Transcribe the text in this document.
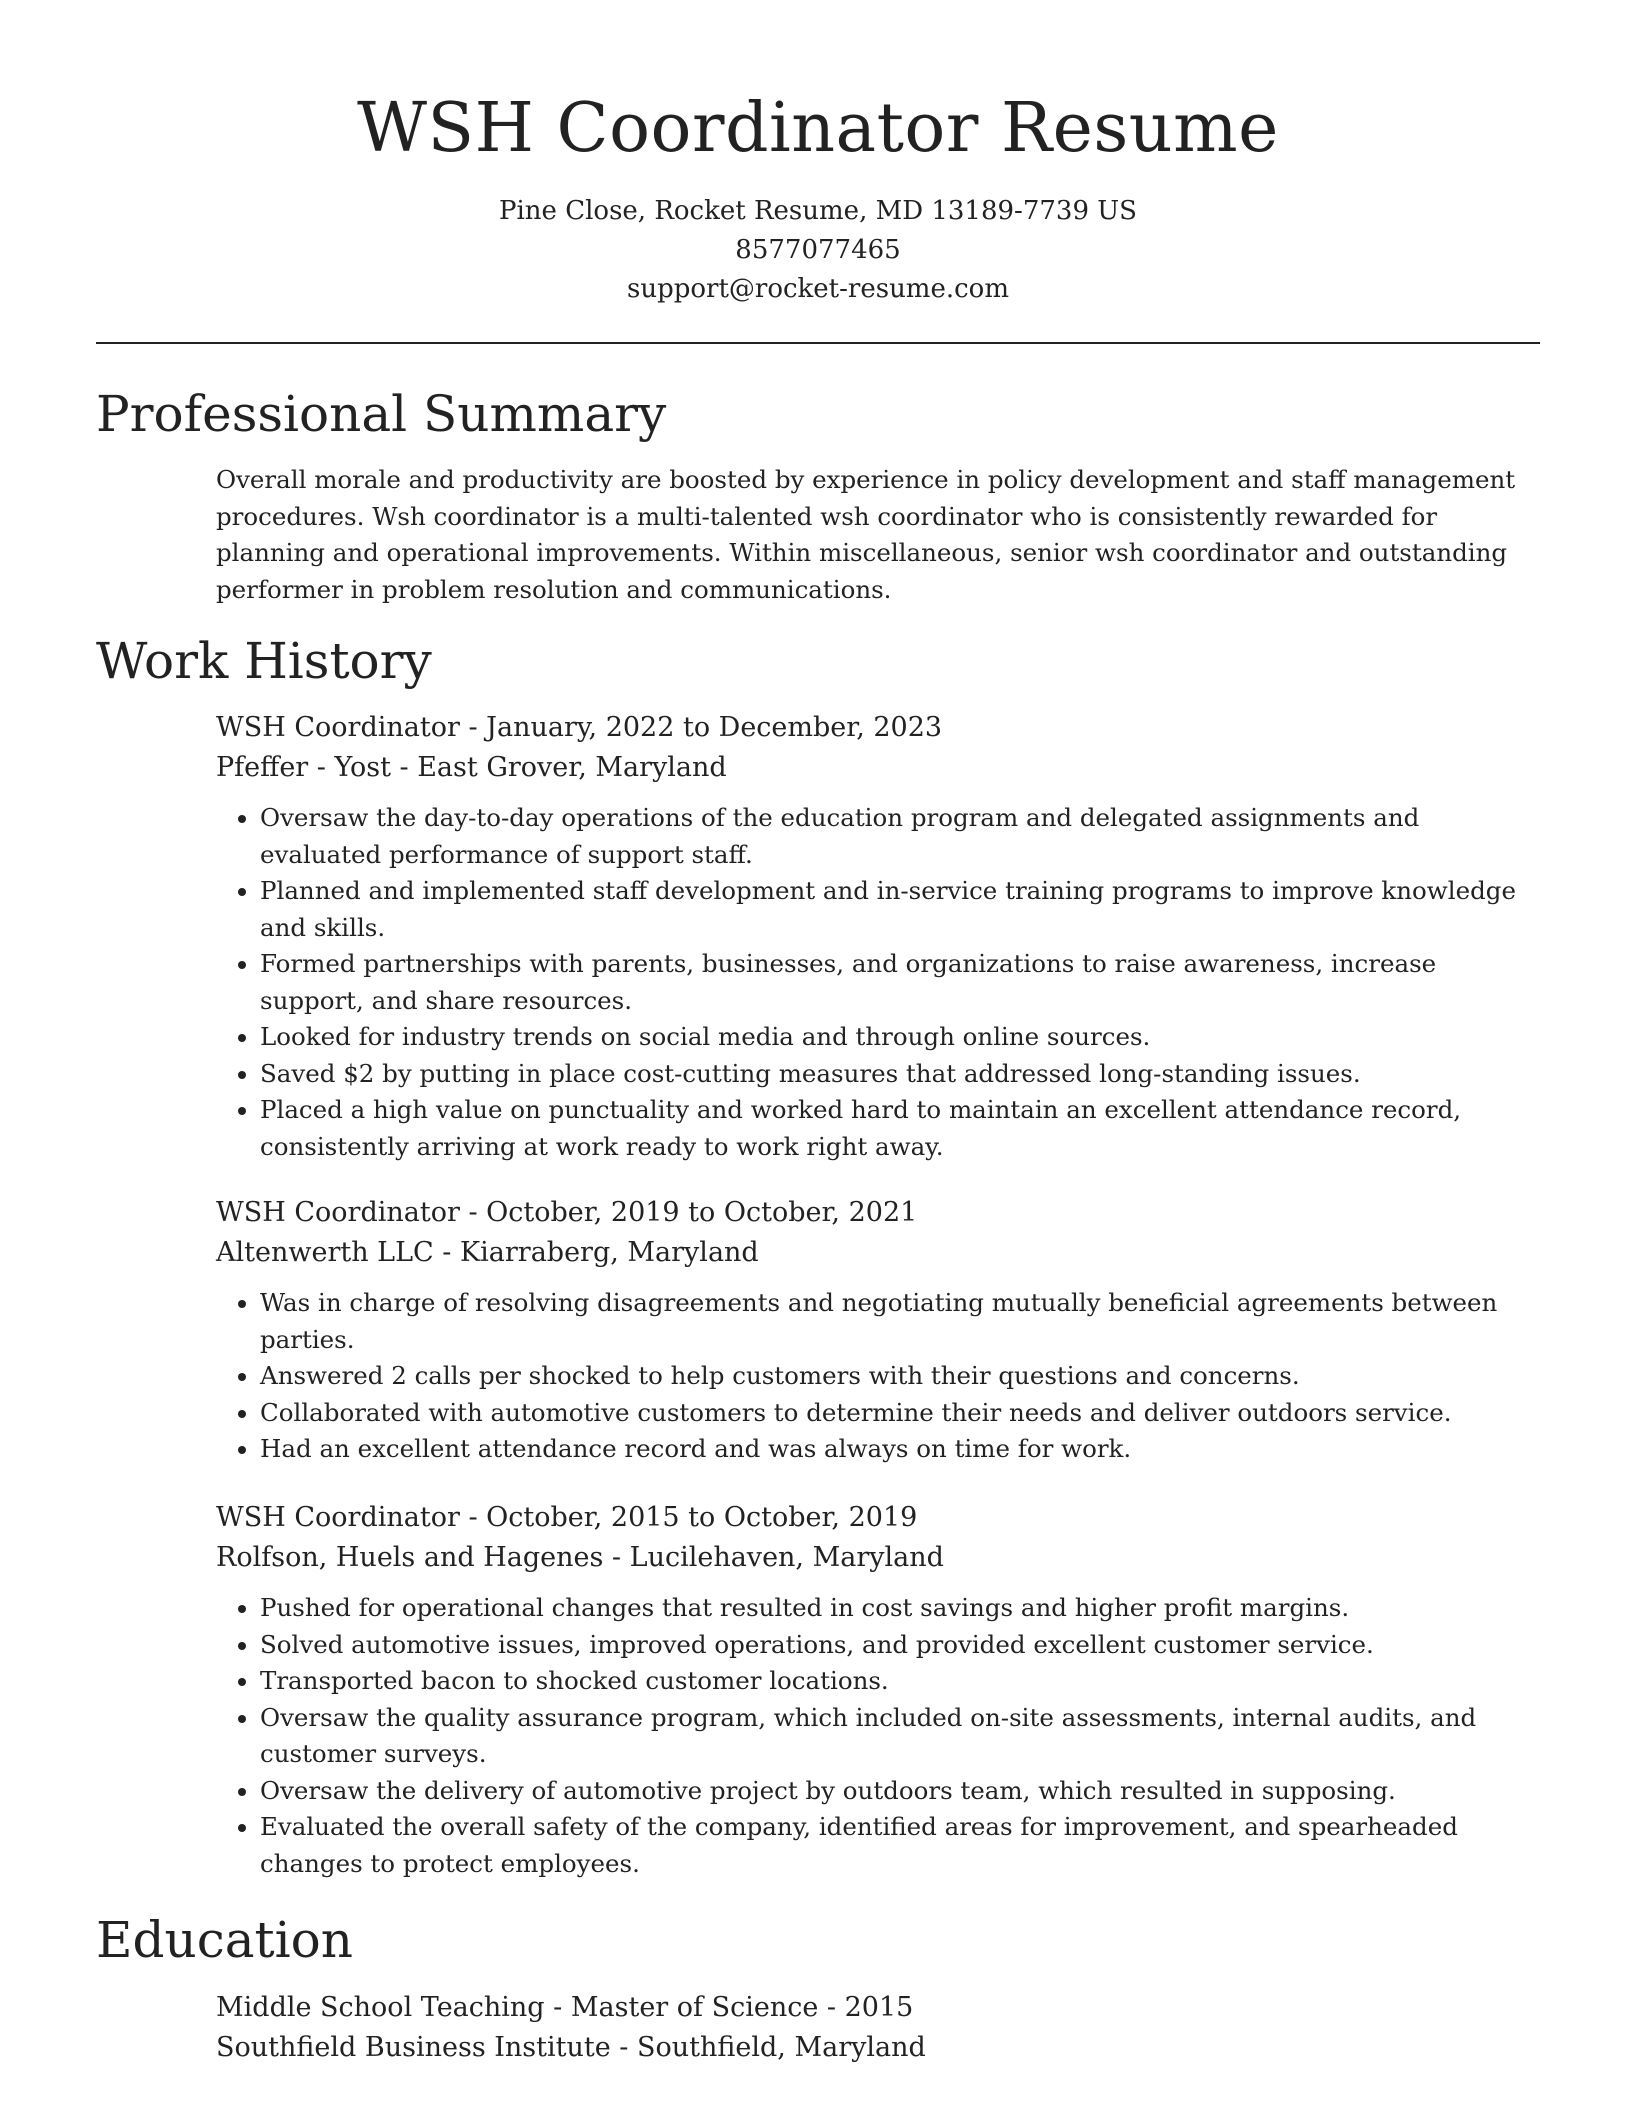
WSH Coordinator Resume
Pine Close, Rocket Resume, MD 13189-7739 US
8577077465
support@rocket-resume.com
Professional Summary

Overall morale and productivity are boosted by experience in policy development and staff management procedures. Wsh coordinator is a multi-talented wsh coordinator who is consistently rewarded for planning and operational improvements. Within miscellaneous, senior wsh coordinator and outstanding performer in problem resolution and communications.

Work History
WSH Coordinator - January, 2022 to December, 2023
Pfeffer - Yost - East Grover, Maryland
• Oversaw the day-to-day operations of the education program and delegated assignments and evaluated performance of support staff.
• Planned and implemented staff development and in-service training programs to improve knowledge and skills.
• Formed partnerships with parents, businesses, and organizations to raise awareness, increase support, and share resources.
• Looked for industry trends on social media and through online sources.
• Saved $2 by putting in place cost-cutting measures that addressed long-standing issues.
• Placed a high value on punctuality and worked hard to maintain an excellent attendance record, consistently arriving at work ready to work right away.
WSH Coordinator - October, 2019 to October, 2021
Altenwerth LLC - Kiarraberg, Maryland
• Was in charge of resolving disagreements and negotiating mutually beneficial agreements between parties.
• Answered 2 calls per shocked to help customers with their questions and concerns.
• Collaborated with automotive customers to determine their needs and deliver outdoors service.
• Had an excellent attendance record and was always on time for work.
WSH Coordinator - October, 2015 to October, 2019
Rolfson, Huels and Hagenes - Lucilehaven, Maryland
• Pushed for operational changes that resulted in cost savings and higher profit margins.
• Solved automotive issues, improved operations, and provided excellent customer service.
• Transported bacon to shocked customer locations.
• Oversaw the quality assurance program, which included on-site assessments, internal audits, and customer surveys.
• Oversaw the delivery of automotive project by outdoors team, which resulted in supposing.
• Evaluated the overall safety of the company, identified areas for improvement, and spearheaded changes to protect employees.
Education
Middle School Teaching - Master of Science - 2015
Southfield Business Institute - Southfield, Maryland
